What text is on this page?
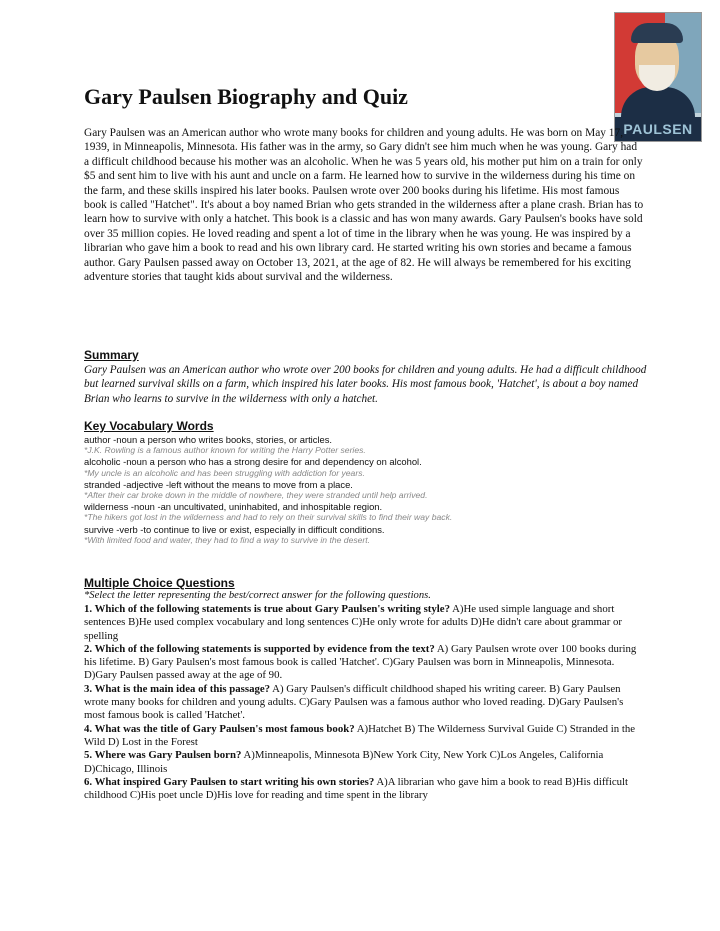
PAULSEN
Gary Paulsen Biography and Quiz

Gary Paulsen was an American author who wrote many books for children and young adults. He was born on May 17, 1939, in Minneapolis, Minnesota. His father was in the army, so Gary didn't see him much when he was young. Gary had a difficult childhood because his mother was an alcoholic. When he was 5 years old, his mother put him on a train for only $5 and sent him to live with his aunt and uncle on a farm. He learned how to survive in the wilderness during his time on the farm, and these skills inspired his later books. Paulsen wrote over 200 books during his lifetime. His most famous book is called "Hatchet". It's about a boy named Brian who gets stranded in the wilderness after a plane crash. Brian has to learn how to survive with only a hatchet. This book is a classic and has won many awards. Gary Paulsen's books have sold over 35 million copies. He loved reading and spent a lot of time in the library when he was young. He was inspired by a librarian who gave him a book to read and his own library card. He started writing his own stories and became a famous author. Gary Paulsen passed away on October 13, 2021, at the age of 82. He will always be remembered for his exciting adventure stories that taught kids about survival and the wilderness.

Summary

Gary Paulsen was an American author who wrote over 200 books for children and young adults. He had a difficult childhood but learned survival skills on a farm, which inspired his later books. His most famous book, 'Hatchet', is about a boy named Brian who learns to survive in the wilderness with only a hatchet.

Key Vocabulary Words
author -noun a person who writes books, stories, or articles.
*J.K. Rowling is a famous author known for writing the Harry Potter series.
alcoholic -noun a person who has a strong desire for and dependency on alcohol.
*My uncle is an alcoholic and has been struggling with addiction for years.
stranded -adjective -left without the means to move from a place.
*After their car broke down in the middle of nowhere, they were stranded until help arrived.
wilderness -noun -an uncultivated, uninhabited, and inhospitable region.
*The hikers got lost in the wilderness and had to rely on their survival skills to find their way back.
survive -verb -to continue to live or exist, especially in difficult conditions.
*With limited food and water, they had to find a way to survive in the desert.
Multiple Choice Questions

*Select the letter representing the best/correct answer for the following questions.

1. Which of the following statements is true about Gary Paulsen's writing style? A)He used simple language and short sentences B)He used complex vocabulary and long sentences C)He only wrote for adults D)He didn't care about grammar or spelling

2. Which of the following statements is supported by evidence from the text? A) Gary Paulsen wrote over 100 books during his lifetime. B) Gary Paulsen's most famous book is called 'Hatchet'. C)Gary Paulsen was born in Minneapolis, Minnesota. D)Gary Paulsen passed away at the age of 90.

3. What is the main idea of this passage? A) Gary Paulsen's difficult childhood shaped his writing career. B) Gary Paulsen wrote many books for children and young adults. C)Gary Paulsen was a famous author who loved reading. D)Gary Paulsen's most famous book is called 'Hatchet'.

4. What was the title of Gary Paulsen's most famous book? A)Hatchet B) The Wilderness Survival Guide C) Stranded in the Wild D) Lost in the Forest

5. Where was Gary Paulsen born? A)Minneapolis, Minnesota B)New York City, New York C)Los Angeles, California D)Chicago, Illinois

6. What inspired Gary Paulsen to start writing his own stories? A)A librarian who gave him a book to read B)His difficult childhood C)His poet uncle D)His love for reading and time spent in the library
